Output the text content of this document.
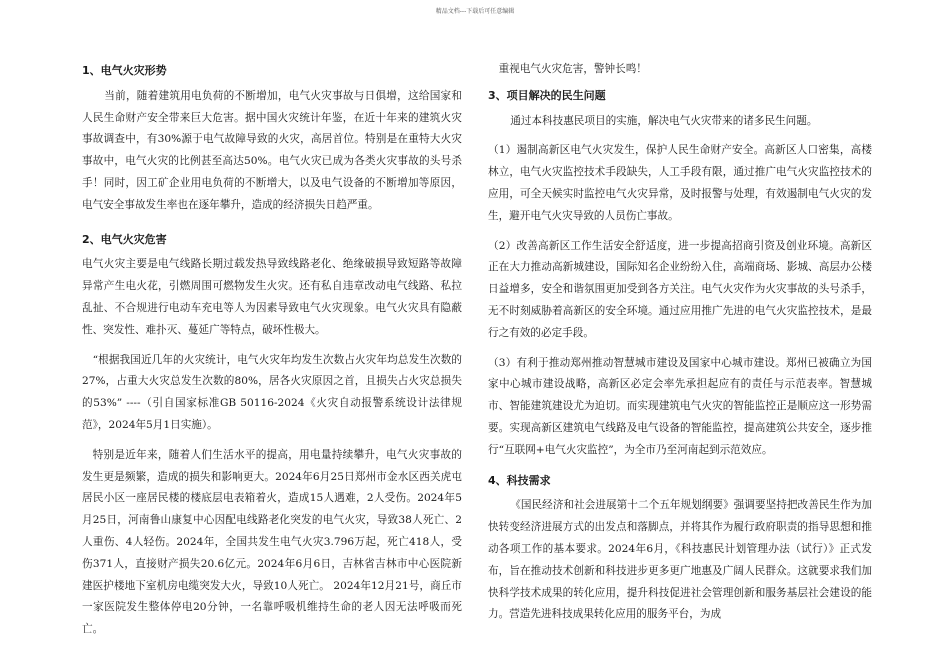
精品文档---下载后可任意编辑
1、电气火灾形势

当前，随着建筑用电负荷的不断增加，电气火灾事故与日俱增，这给国家和人民生命财产安全带来巨大危害。据中国火灾统计年鉴，在近十年来的建筑火灾事故调查中，有30%源于电气故障导致的火灾，高居首位。特别是在重特大火灾事故中，电气火灾的比例甚至高达50%。电气火灾已成为各类火灾事故的头号杀手！同时，因工矿企业用电负荷的不断增大，以及电气设备的不断增加等原因，电气安全事故发生率也在逐年攀升，造成的经济损失日趋严重。

2、电气火灾危害

电气火灾主要是电气线路长期过载发热导致线路老化、绝缘破损导致短路等故障异常产生电火花，引燃周围可燃物发生火灾。还有私自违章改动电气线路、私拉乱扯、不合规进行电动车充电等人为因素导致电气火灾现象。电气火灾具有隐蔽性、突发性、难扑灭、蔓延广等特点，破坏性极大。

“根据我国近几年的火灾统计，电气火灾年均发生次数占火灾年均总发生次数的27%，占重大火灾总发生次数的80%，居各火灾原因之首，且损失占火灾总损失的53%” ----（引自国家标准GB 50116-2024《火灾自动报警系统设计法律规范》，2024年5月1日实施）。

特别是近年来，随着人们生活水平的提高，用电量持续攀升，电气火灾事故的发生更是频繁，造成的损失和影响更大。2024年6月25日郑州市金水区西关虎屯居民小区一座居民楼的楼底层电表箱着火，造成15人遇难，2人受伤。2024年5月25日，河南鲁山康复中心因配电线路老化突发的电气火灾，导致38人死亡、2人重伤、4人轻伤。2024年，全国共发生电气火灾3.796万起，死亡418人，受伤371人，直接财产损失20.6亿元。2024年6月6日，吉林省吉林市中心医院新建医护楼地下室机房电缆突发大火，导致10人死亡。 2024年12月21号，商丘市一家医院发生整体停电20分钟，一名靠呼吸机维持生命的老人因无法呼吸而死亡。

重视电气火灾危害，警钟长鸣！

3、项目解决的民生问题

通过本科技惠民项目的实施，解决电气火灾带来的诸多民生问题。

（1）遏制高新区电气火灾发生，保护人民生命财产安全。高新区人口密集，高楼林立，电气火灾监控技术手段缺失，人工手段有限，通过推广电气火灾监控技术的应用，可全天候实时监控电气火灾异常，及时报警与处理，有效遏制电气火灾的发生，避开电气火灾导致的人员伤亡事故。

（2）改善高新区工作生活安全舒适度，进一步提高招商引资及创业环境。高新区正在大力推动高新城建设，国际知名企业纷纷入住，高端商场、影城、高层办公楼日益增多，安全和谐氛围更加受到各方关注。电气火灾作为火灾事故的头号杀手，无不时刻威胁着高新区的安全环境。通过应用推广先进的电气火灾监控技术，是最行之有效的必定手段。

（3）有利于推动郑州推动智慧城市建设及国家中心城市建设。郑州已被确立为国家中心城市建设战略，高新区必定会率先承担起应有的责任与示范表率。智慧城市、智能建筑建设尤为迫切。而实现建筑电气火灾的智能监控正是顺应这一形势需要。实现高新区建筑电气线路及电气设备的智能监控，提高建筑公共安全，逐步推行“互联网+电气火灾监控”，为全市乃至河南起到示范效应。

4、科技需求

《国民经济和社会进展第十二个五年规划纲要》强调要坚持把改善民生作为加快转变经济进展方式的出发点和落脚点，并将其作为履行政府职责的指导思想和推动各项工作的基本要求。2024年6月，《科技惠民计划管理办法（试行）》正式发布，旨在推动技术创新和科技进步更多更广地惠及广阔人民群众。这就要求我们加快科学技术成果的转化应用，提升科技促进社会管理创新和服务基层社会建设的能力。营造先进科技成果转化应用的服务平台，为成
